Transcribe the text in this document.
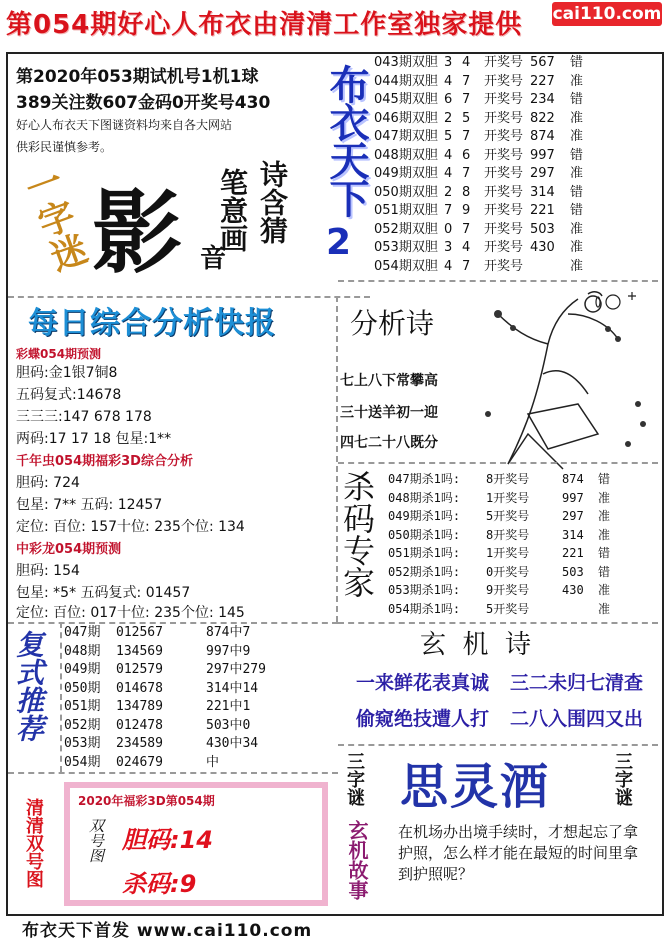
第054期好心人布衣由清清工作室独家提供 cai110.com
第2020年053期试机号1机1球
389关注数607金码0开奖号430
好心人布衣天下图谜资料均来自各大网站
供彩民谨慎参考。
一字迷 影	诗含猜
笔意画
音
布衣天下
2
043期双胆 3 4	开奖号 567	错
044期双胆 4 7	开奖号 227	准
045期双胆 6 7	开奖号 234	错
046期双胆 2 5	开奖号 822	准
047期双胆 5 7	开奖号 874	准
048期双胆 4 6	开奖号 997	错
049期双胆 4 7	开奖号 297	准
050期双胆 2 8	开奖号 314	错
051期双胆 7 9	开奖号 221	错
052期双胆 0 7	开奖号 503	准
053期双胆 3 4	开奖号 430	准
054期双胆 4 7	开奖号	准
每日综合分析快报
彩蝶054期预测
胆码:金1银7铜8
五码复式:14678
三三三:147 678 178
两码:17 17 18 包星:1**
千年虫054期福彩3D综合分析
胆码: 724
包星: 7** 五码: 12457
定位: 百位: 157十位: 235个位: 134
中彩龙054期预测
胆码: 154
包星: *5* 五码复式: 01457
定位: 百位: 017十位: 235个位: 145
分析诗
七上八下常攀高
三十送羊初一迎
四七二十八既分
杀码专家 047期杀1吗:	8开奖号	874	错
048期杀1吗:	1开奖号	997	准
049期杀1吗:	5开奖号	297	准
050期杀1吗:	8开奖号	314	准
051期杀1吗:	1开奖号	221	错
052期杀1吗:	0开奖号	503	错
053期杀1吗:	9开奖号	430	准
054期杀1吗:	5开奖号	准
复式推荐 047期	012567	874中7
048期	134569	997中9
049期	012579	297中279
050期	014678	314中14
051期	134789	221中1
052期	012478	503中0
053期	234589	430中34
054期	024679	中
玄  机  诗
一来鲜花表真诚 三二未归七清查
偷窥绝技遭人打 二八入围四又出
清清双号图	2020年福彩3D第054期
双号图 胆码:14
杀码:9
三字谜 思灵酒	三字谜
玄机故事 在机场办出境手续时，才想起忘了拿护照，怎么样才能在最短的时间里拿到护照呢？
布衣天下首发 www.cai110.com
